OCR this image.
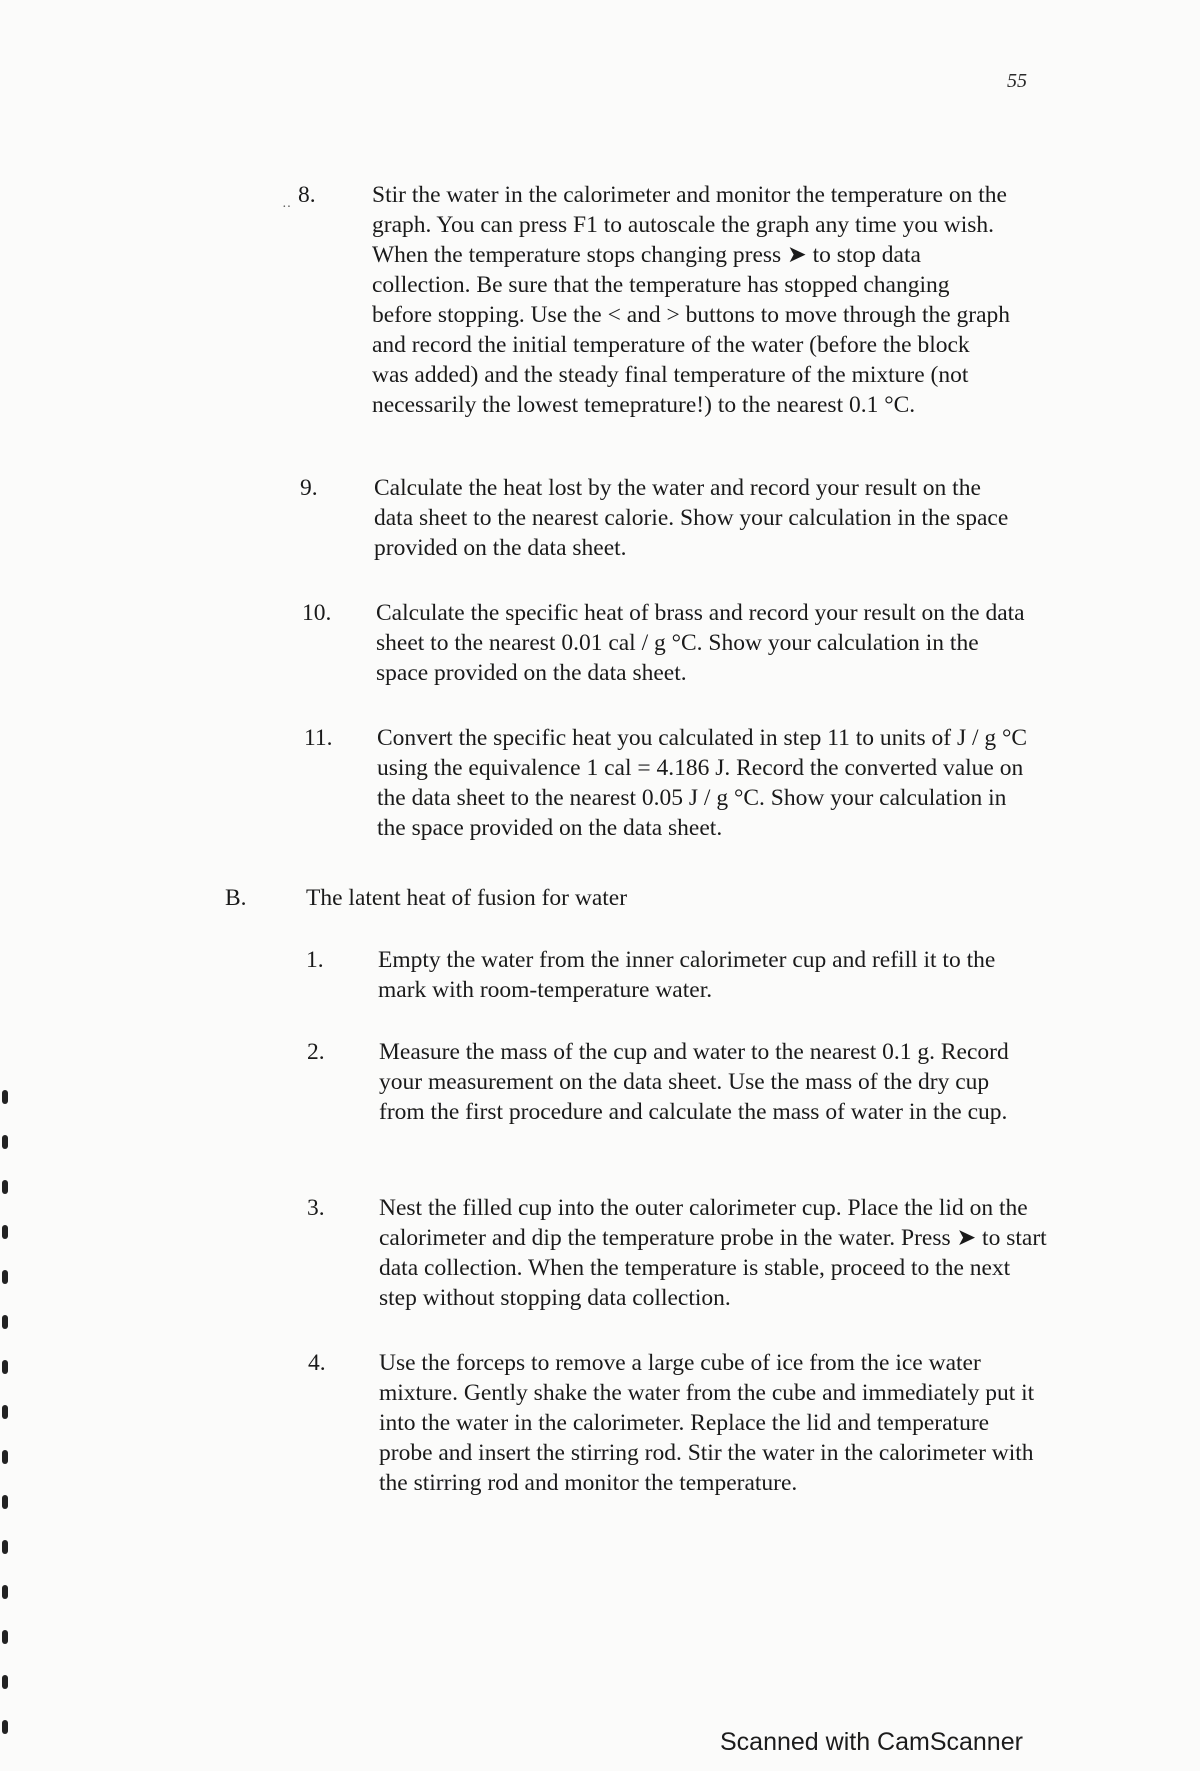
55
·· 8. Stir the water in the calorimeter and monitor the temperature on the graph. You can press F1 to autoscale the graph any time you wish. When the temperature stops changing press ➤ to stop data collection. Be sure that the temperature has stopped changing before stopping. Use the < and > buttons to move through the graph and record the initial temperature of the water (before the block was added) and the steady final temperature of the mixture (not necessarily the lowest temeprature!) to the nearest 0.1 °C.
9. Calculate the heat lost by the water and record your result on the data sheet to the nearest calorie. Show your calculation in the space provided on the data sheet.
10. Calculate the specific heat of brass and record your result on the data sheet to the nearest 0.01 cal / g °C. Show your calculation in the space provided on the data sheet.
11. Convert the specific heat you calculated in step 11 to units of J / g °C using the equivalence 1 cal = 4.186 J. Record the converted value on the data sheet to the nearest 0.05 J / g °C. Show your calculation in the space provided on the data sheet.
B.	The latent heat of fusion for water
1. Empty the water from the inner calorimeter cup and refill it to the mark with room-temperature water.
2. Measure the mass of the cup and water to the nearest 0.1 g. Record your measurement on the data sheet. Use the mass of the dry cup from the first procedure and calculate the mass of water in the cup.
3. Nest the filled cup into the outer calorimeter cup. Place the lid on the calorimeter and dip the temperature probe in the water. Press ➤ to start data collection. When the temperature is stable, proceed to the next step without stopping data collection.
4. Use the forceps to remove a large cube of ice from the ice water mixture. Gently shake the water from the cube and immediately put it into the water in the calorimeter. Replace the lid and temperature probe and insert the stirring rod. Stir the water in the calorimeter with the stirring rod and monitor the temperature.
Scanned with CamScanner
